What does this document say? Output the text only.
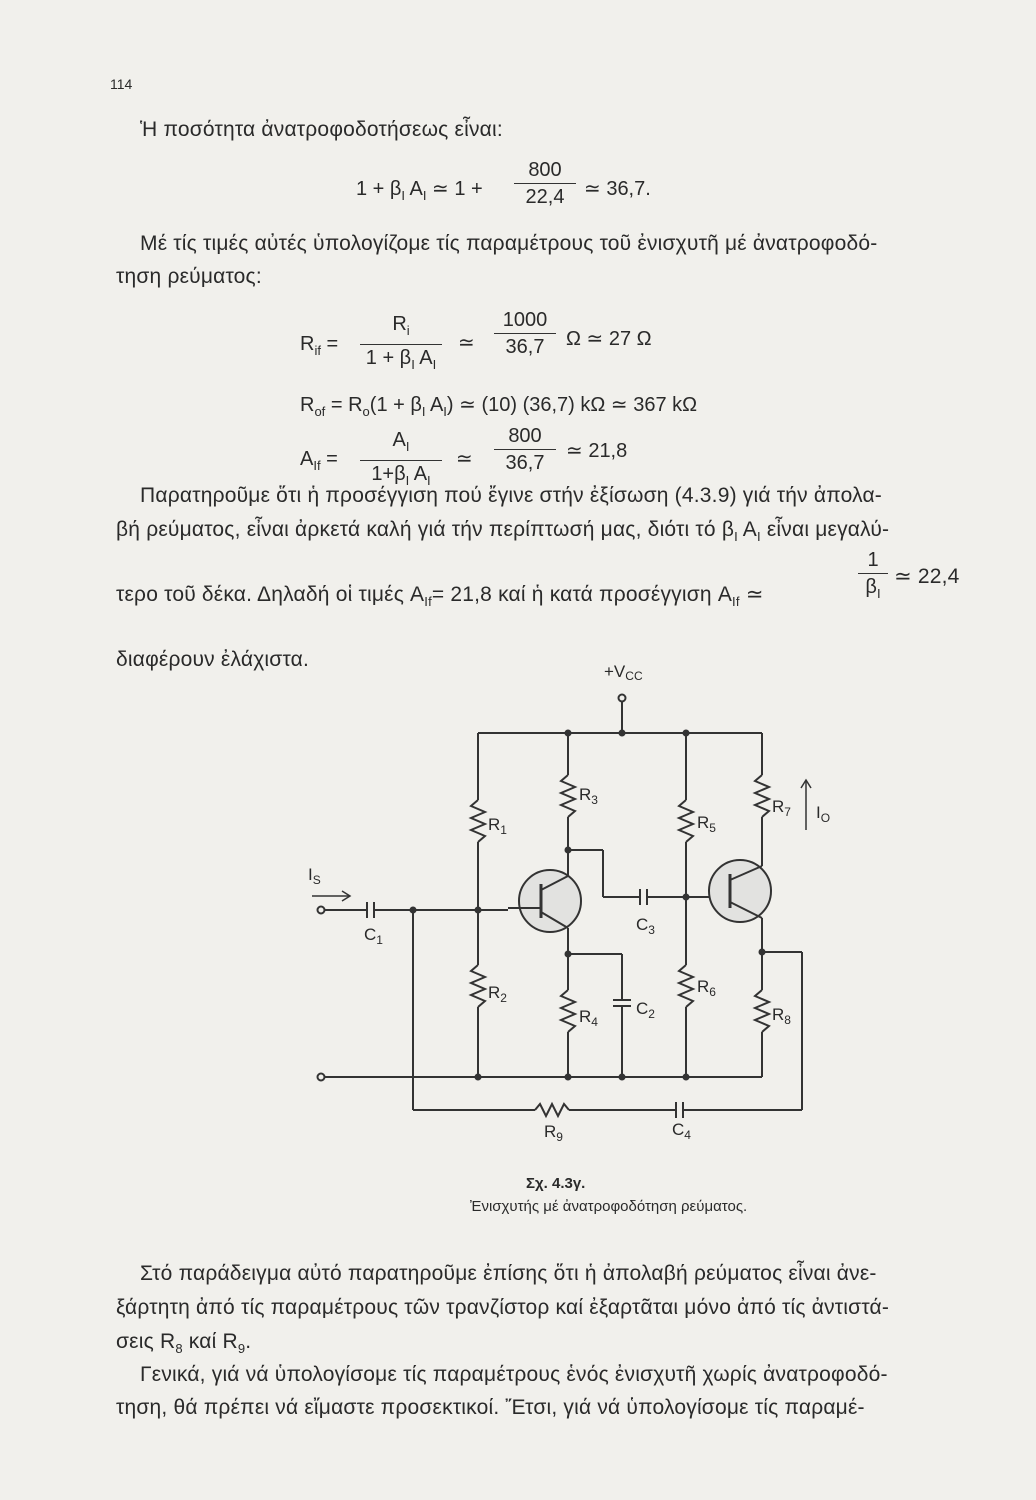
114
Ἡ ποσότητα ἀνατροφοδοτήσεως εἶναι:
$1 + \beta_I$ $A_I$ ≃ 1 +
800
22,4 ≃ 36,7.
Μέ τίς τιμές αὐτές ὑπολογίζομε τίς παραμέτρους τοῦ ἐνισχυτῆ μέ ἀνατροφοδό-
τηση ρεύματος:
$R_{if}$ =
$R_i$
$1 + \beta_I$ $A_I$
≃
1000
36,7	Ω ≃ 27 Ω
$R_{of} = R_o(1 + \beta_I$ $A_I$) ≃ (10) (36,7) kΩ ≃ 367 kΩ
$A_{If}$ =
$A_I$
$1+\beta_I$ $A_I$
≃
800
36,7
≃ 21,8
Παρατηροῦμε ὅτι ἡ προσέγγιση πού ἔγινε στήν ἐξίσωση (4.3.9) γιά τήν ἀπολα-
βή ρεύματος, εἶναι ἀρκετά καλή γιά τήν περίπτωσή μας, διότι τό $\beta_I$ $A_I$ εἶναι μεγαλύ-
τερο τοῦ δέκα. Δηλαδή οἱ τιμές $A_{If}= 21,8$ καί ἡ κατά προσέγγιση $A_{If}$ ≃
1
$\beta_I$
≃ 22,4
διαφέρουν ἐλάχιστα.
+VCC
$R_1$
$R_2$
$R_3$
$R_4$
$R_5$
$R_6$
$R_7$
$R_8$
$R_9$
$C_1$
$C_2$
$C_3$
$C_4$
$I_S$
$I_O$
Σχ. 4.3γ.
Ἐνισχυτής μέ ἀνατροφοδότηση ρεύματος.
Στό παράδειγμα αὐτό παρατηροῦμε ἐπίσης ὅτι ἡ ἀπολαβή ρεύματος εἶναι ἀνε-
ξάρτητη ἀπό τίς παραμέτρους τῶν τρανζίστορ καί ἐξαρτᾶται μόνο ἀπό τίς ἀντιστά-
σεις $R_8$ καί $R_9$.
Γενικά, γιά νά ὑπολογίσομε τίς παραμέτρους ἑνός ἐνισχυτῆ χωρίς ἀνατροφοδό-
τηση, θά πρέπει νά εἴμαστε προσεκτικοί. Ἔτσι, γιά νά ὑπολογίσομε τίς παραμέ-
